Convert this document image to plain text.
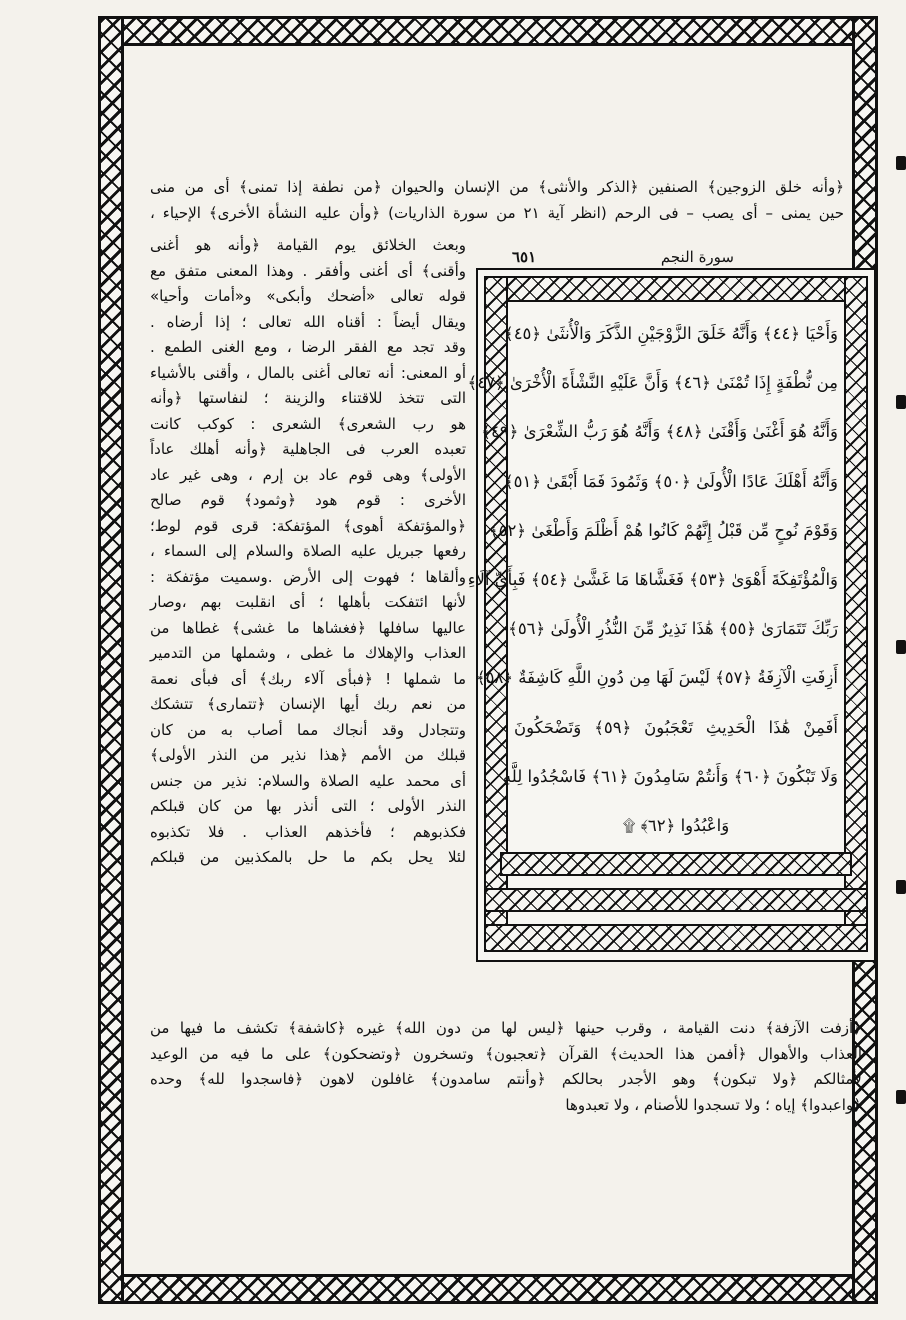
﴿وأنه خلق الزوجين﴾ الصنفين ﴿الذكر والأنثى﴾ من الإنسان والحيوان ﴿من نطفة إذا تمنى﴾ أى من منى

حين يمنى – أى يصب – فى الرحم (انظر آية ٢١ من سورة الذاريات) ﴿وأن عليه النشأة الأخرى﴾ الإحياء ،

سورة النجم
٦٥١
وَأَحْيَا ﴿٤٤﴾ وَأَنَّهُ خَلَقَ الزَّوْجَيْنِ الذَّكَرَ وَالْأُنثَىٰ ﴿٤٥﴾
مِن نُّطْفَةٍ إِذَا تُمْنَىٰ ﴿٤٦﴾ وَأَنَّ عَلَيْهِ النَّشْأَةَ الْأُخْرَىٰ ﴿٤٧﴾
وَأَنَّهُ هُوَ أَغْنَىٰ وَأَقْنَىٰ ﴿٤٨﴾ وَأَنَّهُ هُوَ رَبُّ الشِّعْرَىٰ ﴿٤٩﴾
وَأَنَّهُ أَهْلَكَ عَادًا الْأُولَىٰ ﴿٥٠﴾ وَثَمُودَ فَمَا أَبْقَىٰ ﴿٥١﴾
وَقَوْمَ نُوحٍ مِّن قَبْلُ إِنَّهُمْ كَانُوا هُمْ أَظْلَمَ وَأَطْغَىٰ ﴿٥٢﴾
وَالْمُؤْتَفِكَةَ أَهْوَىٰ ﴿٥٣﴾ فَغَشَّاهَا مَا غَشَّىٰ ﴿٥٤﴾ فَبِأَيِّ آلَاءِ
رَبِّكَ تَتَمَارَىٰ ﴿٥٥﴾ هَٰذَا نَذِيرٌ مِّنَ النُّذُرِ الْأُولَىٰ ﴿٥٦﴾
أَزِفَتِ الْآزِفَةُ ﴿٥٧﴾ لَيْسَ لَهَا مِن دُونِ اللَّهِ كَاشِفَةٌ ﴿٥٨﴾
أَفَمِنْ هَٰذَا الْحَدِيثِ تَعْجَبُونَ ﴿٥٩﴾ وَتَضْحَكُونَ
وَلَا تَبْكُونَ ﴿٦٠﴾ وَأَنتُمْ سَامِدُونَ ﴿٦١﴾ فَاسْجُدُوا لِلَّهِ
وَاعْبُدُوا ﴿٦٢﴾ ۩

وبعث الخلائق يوم القيامة ﴿وأنه هو أغنى

وأقنى﴾ أى أغنى وأفقر . وهذا المعنى متفق مع

قوله تعالى «أضحك وأبكى» و«أمات وأحيا»

ويقال أيضاً : أقناه الله تعالى ؛ إذا أرضاه .

وقد تجد مع الفقر الرضا ، ومع الغنى الطمع .

أو المعنى: أنه تعالى أغنى بالمال ، وأقنى بالأشياء

التى تتخذ للاقتناء والزينة ؛ لنفاستها ﴿وأنه

هو رب الشعرى﴾ الشعرى : كوكب كانت

تعبده العرب فى الجاهلية ﴿وأنه أهلك عاداً

الأولى﴾ وهى قوم عاد بن إرم ، وهى غير عاد

الأخرى : قوم هود ﴿وثمود﴾ قوم صالح

﴿والمؤتفكة أهوى﴾ المؤتفكة: قرى قوم لوط؛

رفعها جبريل عليه الصلاة والسلام إلى السماء ،

وألقاها ؛ فهوت إلى الأرض .وسميت مؤتفكة :

لأنها ائتفكت بأهلها ؛ أى انقلبت بهم ،وصار

عاليها سافلها ﴿فغشاها ما غشى﴾ غطاها من

العذاب والإهلاك ما غطى ، وشملها من التدمير

ما شملها ! ﴿فبأى آلاء ربك﴾ أى فبأى نعمة

من نعم ربك أيها الإنسان ﴿تتمارى﴾ تتشكك

وتتجادل وقد أنجاك مما أصاب به من كان

قبلك من الأمم ﴿هذا نذير من النذر الأولى﴾

أى محمد عليه الصلاة والسلام: نذير من جنس

النذر الأولى ؛ التى أنذر بها من كان قبلكم

فكذبوهم ؛ فأخذهم العذاب . فلا تكذبوه

لئلا يحل بكم ما حل بالمكذبين من قبلكم

﴿أزفت الآزفة﴾ دنت القيامة ، وقرب حينها ﴿ليس لها من دون الله﴾ غيره ﴿كاشفة﴾ تكشف ما فيها من

العذاب والأهوال ﴿أفمن هذا الحديث﴾ القرآن ﴿تعجبون﴾ وتسخرون ﴿وتضحكون﴾ على ما فيه من الوعيد

لأمثالكم ﴿ولا تبكون﴾ وهو الأجدر بحالكم ﴿وأنتم سامدون﴾ غافلون لاهون ﴿فاسجدوا لله﴾ وحده

﴿واعبدوا﴾ إياه ؛ ولا تسجدوا للأصنام ، ولا تعبدوها
